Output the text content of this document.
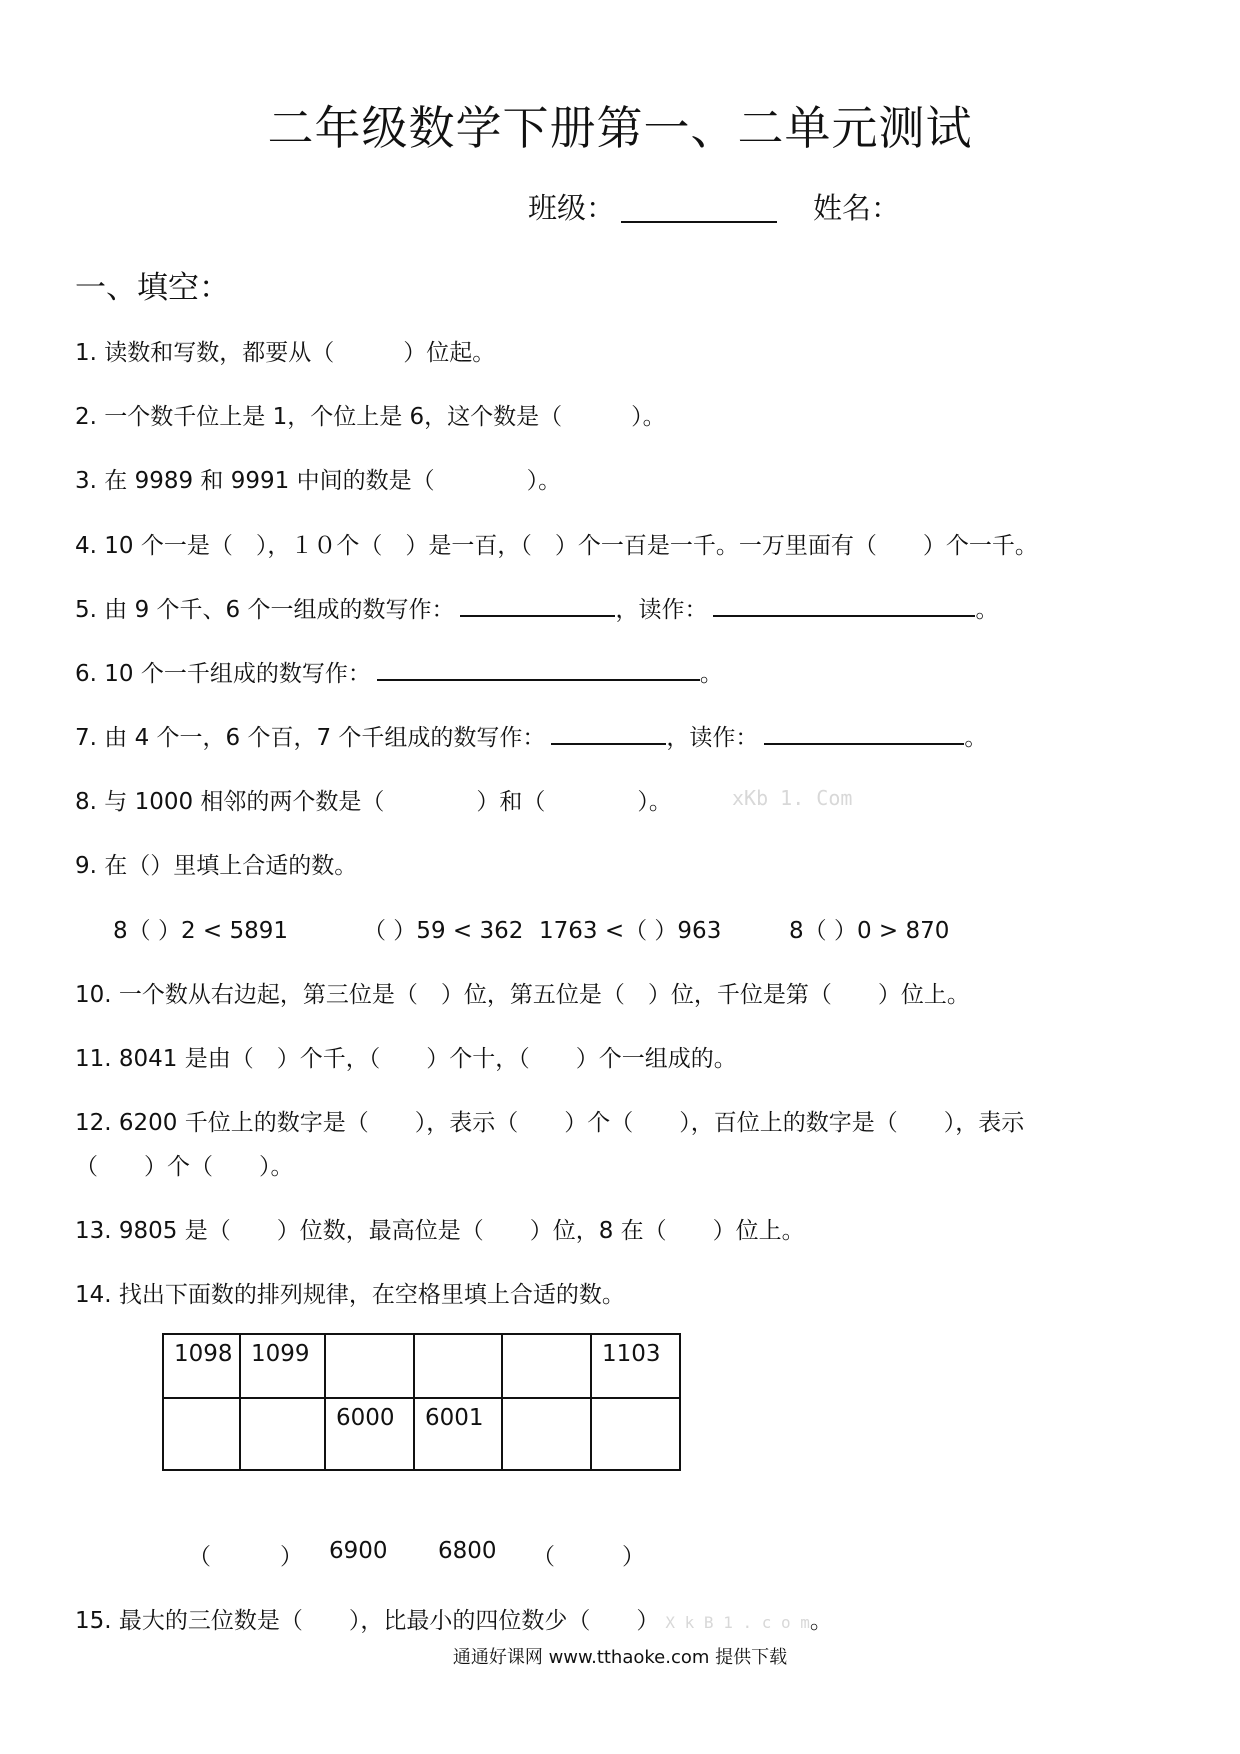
二年级数学下册第一、二单元测试
班级：	姓名：
一、填空：
1. 读数和写数，都要从（　　　）位起。
2. 一个数千位上是 1，个位上是 6，这个数是（　　　）。
3. 在 9989 和 9991 中间的数是（　　　　）。
4. 10 个一是（　），１０个（　）是一百，（　）个一百是一千。一万里面有（　　）个一千。
5. 由 9 个千、6 个一组成的数写作：	，读作：	。
6. 10 个一千组成的数写作：	。
7. 由 4 个一，6 个百，7 个千组成的数写作：	，读作：	。
8. 与 1000 相邻的两个数是（　　　　）和（　　　　）。	xKb 1. Com
9. 在（）里填上合适的数。
8（ ）2 < 5891	（ ）59 < 362 1763 <（ ）963	8（ ）0 > 870
10. 一个数从右边起，第三位是（　）位，第五位是（　）位，千位是第（　　）位上。
11. 8041 是由（　）个千，（　　）个十，（　　）个一组成的。
12. 6200 千位上的数字是（　　），表示（　　）个（　　），百位上的数字是（　　），表示
（　　）个（　　）。
13. 9805 是（　　）位数，最高位是（　　）位，8 在（　　）位上。
14. 找出下面数的排列规律，在空格里填上合适的数。
1098	1099				1103
		6000	6001		
（	） 6900 6800 （	）
15. 最大的三位数是（　　），比最小的四位数少（　　） X k B 1 . c o m。
通通好课网 www.tthaoke.com 提供下载
